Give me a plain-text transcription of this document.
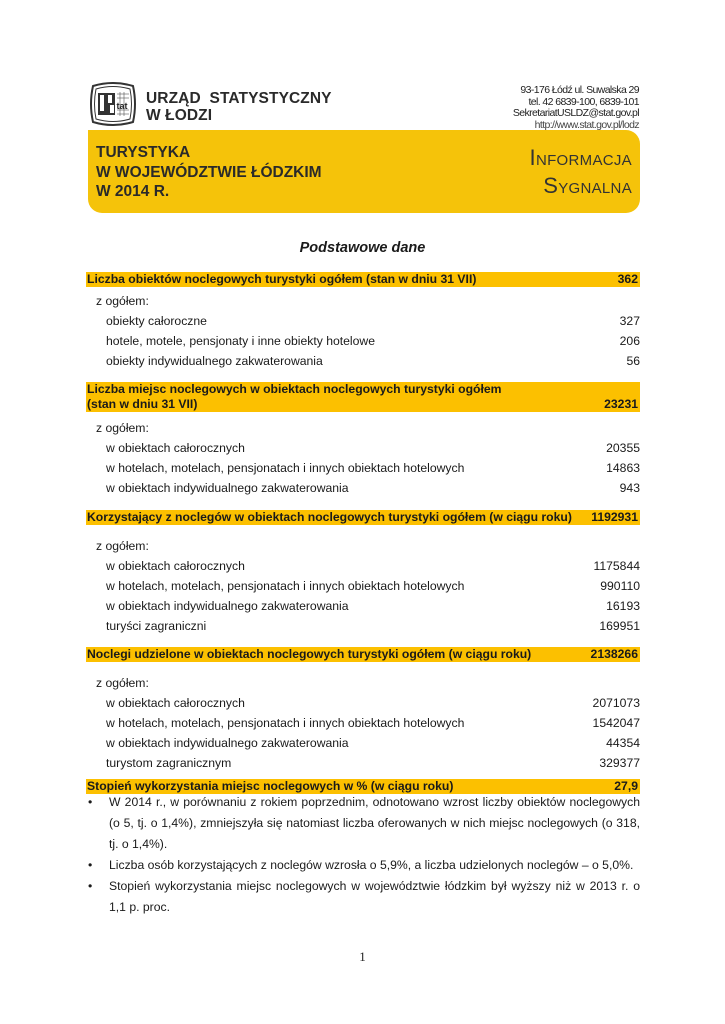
tat URZĄD  STATYSTYCZNY
W ŁODZI
93-176 Łódź ul. Suwalska 29
tel. 42 6839-100, 6839-101
SekretariatUSLDZ@stat.gov.pl
http://www.stat.gov.pl/lodz
TURYSTYKA
W WOJEWÓDZTWIE ŁÓDZKIM
W 2014 R.
Informacja
Sygnalna
Podstawowe dane
Liczba obiektów noclegowych turystyki ogółem (stan w dniu 31 VII)	362
z ogółem:
obiekty całoroczne	327
hotele, motele, pensjonaty i inne obiekty hotelowe	206
obiekty indywidualnego zakwaterowania	56
Liczba miejsc noclegowych w obiektach noclegowych turystyki ogółem
(stan w dniu 31 VII)	23231
z ogółem:
w obiektach całorocznych	20355
w hotelach, motelach, pensjonatach i innych obiektach hotelowych	14863
w obiektach indywidualnego zakwaterowania	943
Korzystający z noclegów w obiektach noclegowych turystyki ogółem (w ciągu roku) 1192931
z ogółem:
w obiektach całorocznych	1175844
w hotelach, motelach, pensjonatach i innych obiektach hotelowych	990110
w obiektach indywidualnego zakwaterowania	16193
turyści zagraniczni	169951
Noclegi udzielone w obiektach noclegowych turystyki ogółem (w ciągu roku)	2138266
z ogółem:
w obiektach całorocznych	2071073
w hotelach, motelach, pensjonatach i innych obiektach hotelowych	1542047
w obiektach indywidualnego zakwaterowania	44354
turystom zagranicznym	329377
Stopień wykorzystania miejsc noclegowych w % (w ciągu roku)	27,9
• W 2014 r., w porównaniu z rokiem poprzednim, odnotowano wzrost liczby obiektów noclegowych (o 5, tj. o 1,4%), zmniejszyła się natomiast liczba oferowanych w nich miejsc noclegowych (o 318, tj. o 1,4%).
• Liczba osób korzystających z noclegów wzrosła o 5,9%, a liczba udzielonych noclegów – o 5,0%.
• Stopień wykorzystania miejsc noclegowych w województwie łódzkim był wyższy niż w 2013 r. o 1,1 p. proc.
1
